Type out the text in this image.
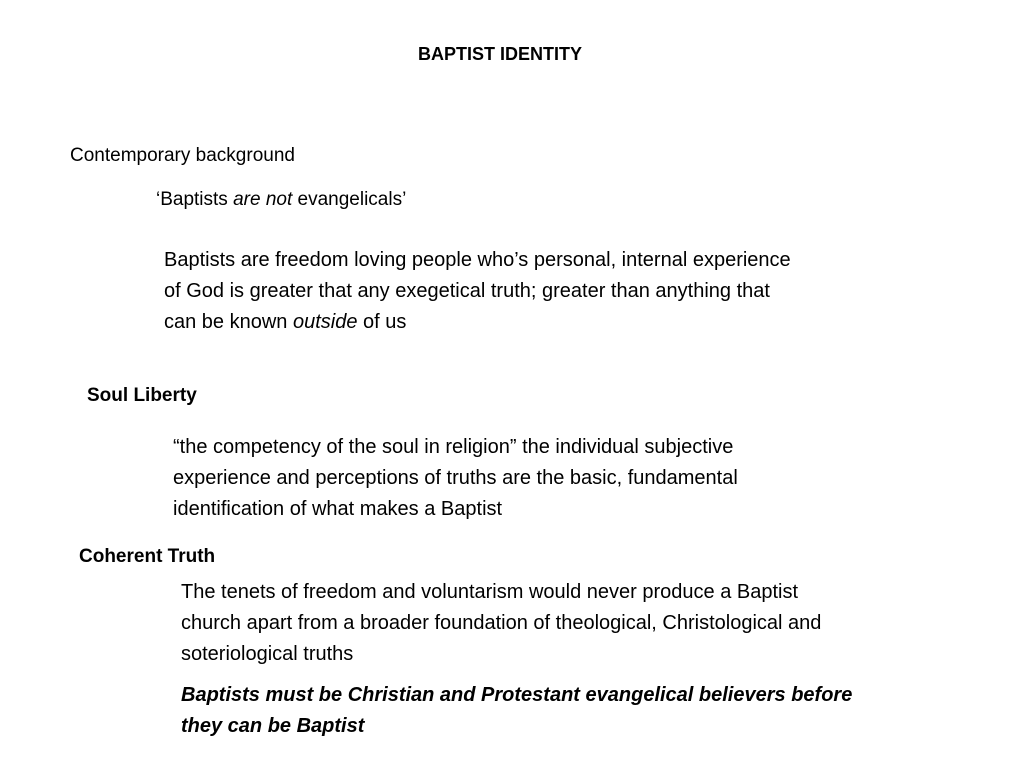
BAPTIST IDENTITY
Contemporary background
‘Baptists are not evangelicals’
Baptists are freedom loving people who’s personal, internal experience
of God is greater that any exegetical truth; greater than anything that
can be known outside of us
Soul Liberty
“the competency of the soul in religion” the individual subjective
experience and perceptions of truths are the basic, fundamental
identification of what makes a Baptist
Coherent Truth
The tenets of freedom and voluntarism would never produce a Baptist
church apart from a broader foundation of theological, Christological and
soteriological truths
Baptists must be Christian and Protestant evangelical believers before
they can be Baptist
